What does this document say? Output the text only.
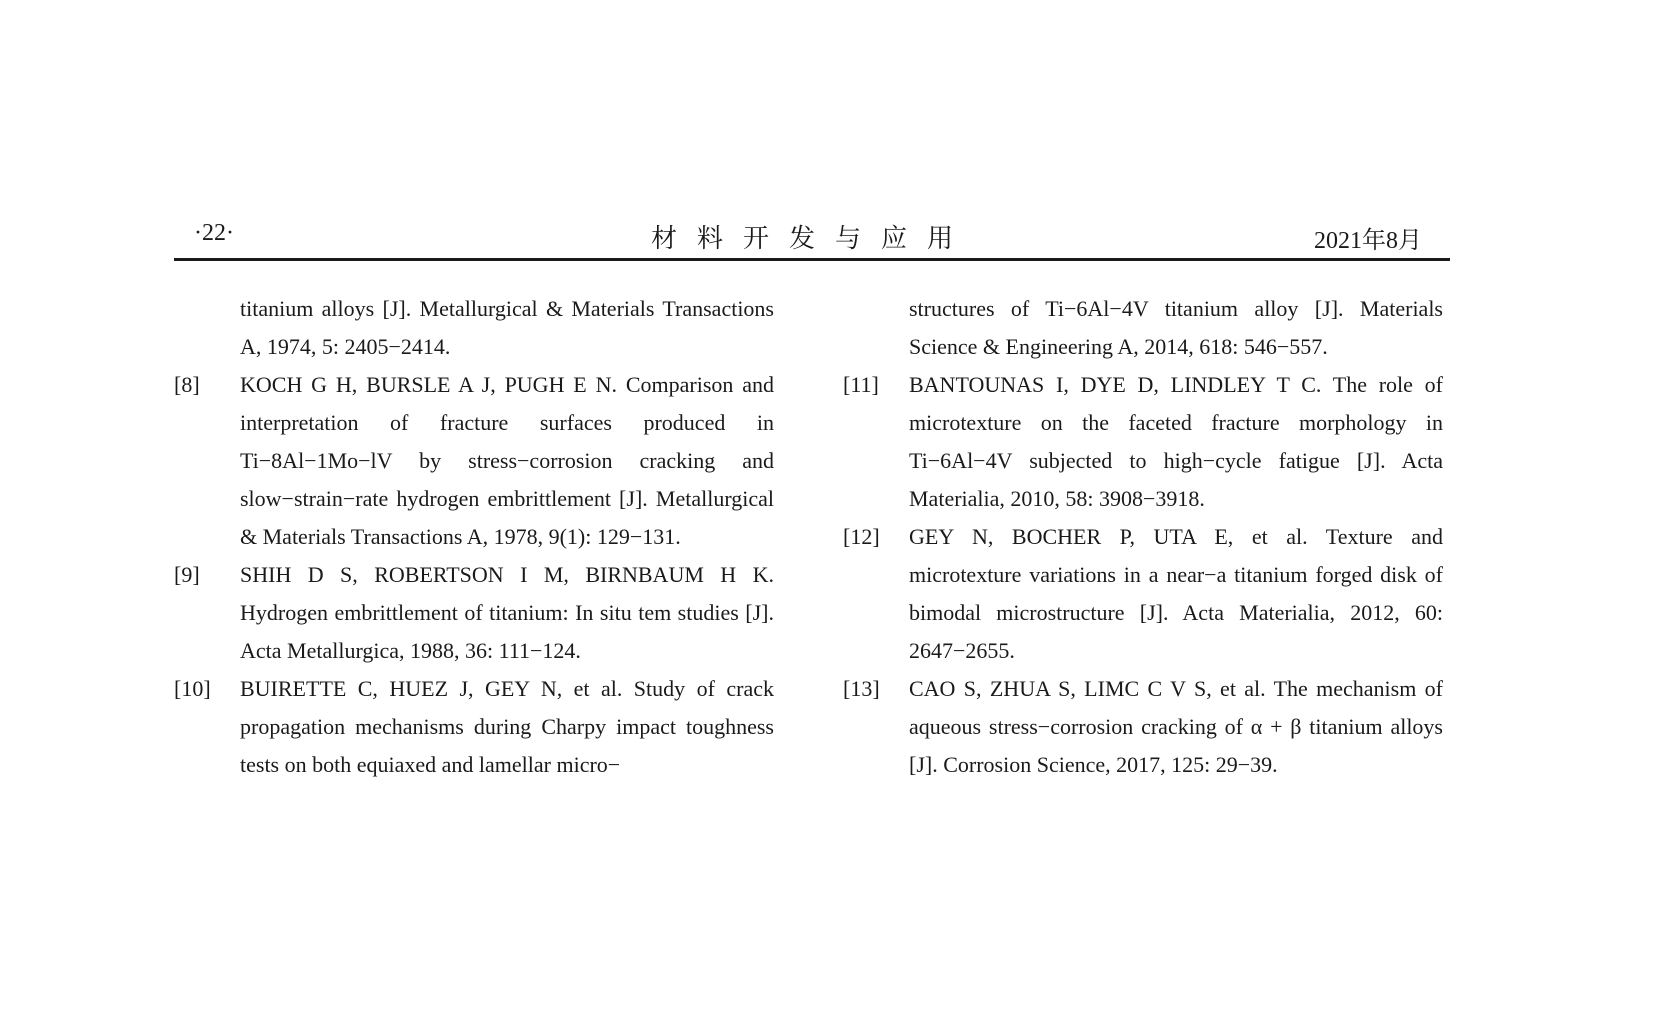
·22·	材料开发与应用	2021年8月
titanium alloys [J]. Metallurgical & Materials Transactions A, 1974, 5: 2405−2414.
[8] KOCH G H, BURSLE A J, PUGH E N. Comparison and interpretation of fracture surfaces produced in Ti−8Al−1Mo−lV by stress−corrosion cracking and slow−strain−rate hydrogen embrittlement [J]. Metallurgical & Materials Transactions A, 1978, 9(1): 129−131.
[9] SHIH D S, ROBERTSON I M, BIRNBAUM H K. Hydrogen embrittlement of titanium: In situ tem studies [J]. Acta Metallurgica, 1988, 36: 111−124.
[10] BUIRETTE C, HUEZ J, GEY N, et al. Study of crack propagation mechanisms during Charpy impact toughness tests on both equiaxed and lamellar micro−
structures of Ti−6Al−4V titanium alloy [J]. Materials Science & Engineering A, 2014, 618: 546−557.
[11] BANTOUNAS I, DYE D, LINDLEY T C. The role of microtexture on the faceted fracture morphology in Ti−6Al−4V subjected to high−cycle fatigue [J]. Acta Materialia, 2010, 58: 3908−3918.
[12] GEY N, BOCHER P, UTA E, et al. Texture and microtexture variations in a near−a titanium forged disk of bimodal microstructure [J]. Acta Materialia, 2012, 60: 2647−2655.
[13] CAO S, ZHUA S, LIMC C V S, et al. The mechanism of aqueous stress−corrosion cracking of α + β titanium alloys [J]. Corrosion Science, 2017, 125: 29−39.
